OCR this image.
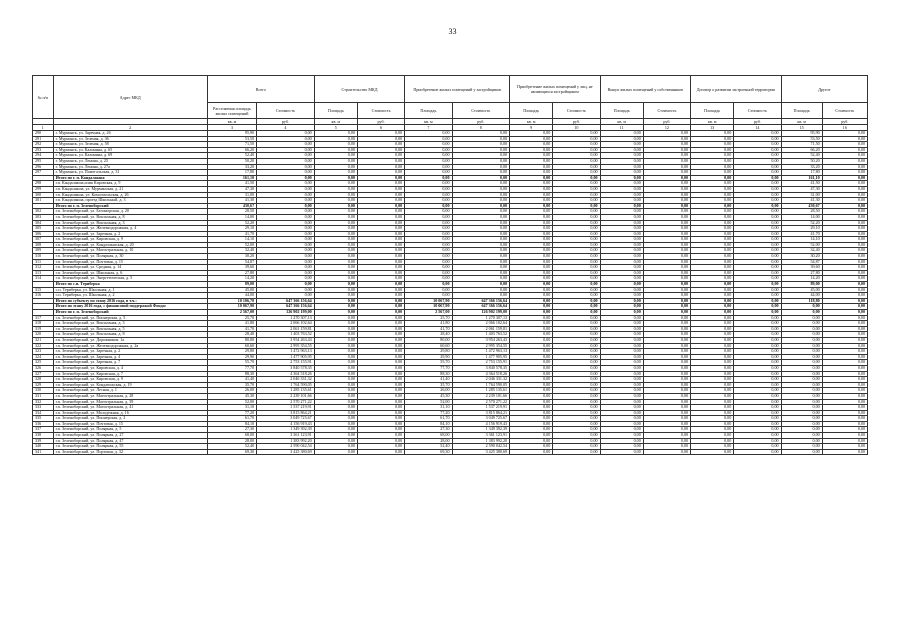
33
№ п/п	Адрес МКД	Всего		Строительство МКД		Приобретение жилых помещений у застройщиков		Приобретение жилых помещений у лиц, не являющихся застройщиком		Выкуп жилых помещений у собственников		Договор о развитии застроенной территории		Другое	
		Расселяемая площадь жилых помещений	Стоимость	Площадь	Стоимость	Площадь	Стоимость	Площадь	Стоимость	Площадь	Стоимость	Площадь	Стоимость	Площадь	Стоимость
		кв. м	руб.	кв. м	руб.	кв. м	руб.	кв. м	руб.	кв. м	руб.	кв. м	руб.	кв. м	руб.
1	2	3	4	5	6	7	8	9	10	11	12	13	14	15	16
290	г. Мурманск, ул. Заречная, д. 26	95,90	0,00	0,00	0,00	0,00	0,00	0,00	0,00	0,00	0,00	0,00	0,00	95,90	0,00
291	г. Мурманск, ул. Зеленая, д. 36	53,50	0,00	0,00	0,00	0,00	0,00	0,00	0,00	0,00	0,00	0,00	0,00	53,50	0,00
292	г. Мурманск, ул. Зеленая, д. 58	71,50	0,00	0,00	0,00	0,00	0,00	0,00	0,00	0,00	0,00	0,00	0,00	71,50	0,00
293	г. Мурманск, ул. Калинина, д. 65	66,20	0,00	0,00	0,00	0,00	0,00	0,00	0,00	0,00	0,00	0,00	0,00	66,20	0,00
294	г. Мурманск, ул. Калинина, д. 69	52,40	0,00	0,00	0,00	0,00	0,00	0,00	0,00	0,00	0,00	0,00	0,00	52,40	0,00
295	г. Мурманск, ул. Ленина, д. 25	50,20	0,00	0,00	0,00	0,00	0,00	0,00	0,00	0,00	0,00	0,00	0,00	50,20	0,00
296	г. Мурманск, ул. Ленина, д. 27а	33,20	0,00	0,00	0,00	0,00	0,00	0,00	0,00	0,00	0,00	0,00	0,00	33,20	0,00
297	г. Мурманск, ул. Пожегальская, д. 31	17,80	0,00	0,00	0,00	0,00	0,00	0,00	0,00	0,00	0,00	0,00	0,00	17,80	0,00
	Итого по г. п. Кандалакша	161,10	0,00	0,00	0,00	0,00	0,00	0,00	0,00	0,00	0,00	0,00	0,00	161,10	0,00
298	г.п. Кандалакша,илия Кировская, д. 9	41,50	0,00	0,00	0,00	0,00	0,00	0,00	0,00	0,00	0,00	0,00	0,00	41,50	0,00
299	г.п. Кандалакша, ул. Мурманская, д. 21	47,30	0,00	0,00	0,00	0,00	0,00	0,00	0,00	0,00	0,00	0,00	0,00	47,30	0,00
300	г.п. Кандалакша, ул. Комсомольская, д. 26	31,00	0,00	0,00	0,00	0,00	0,00	0,00	0,00	0,00	0,00	0,00	0,00	31,00	0,00
301	г.п. Кандалакша, проезд Школьный, д. 3	41,30	0,00	0,00	0,00	0,00	0,00	0,00	0,00	0,00	0,00	0,00	0,00	41,30	0,00
	Итого по г. п. Зеленоборский	430,67	0,00	0,00	0,00	0,00	0,00	0,00	0,00	0,00	0,00	0,00	0,00	430,67	0,00
302	г.п. Зеленоборский, ул. Беломорская, д. 20	28,50	0,00	0,00	0,00	0,00	0,00	0,00	0,00	0,00	0,00	0,00	0,00	28,50	0,00
303	г.п. Зеленоборский, ул. Вокзальная, д. 8	14,00	0,00	0,00	0,00	0,00	0,00	0,00	0,00	0,00	0,00	0,00	0,00	14,00	0,00
304	г.п. Зеленоборский, ул. Вокзальная, д. 3	52,20	0,00	0,00	0,00	0,00	0,00	0,00	0,00	0,00	0,00	0,00	0,00	52,20	0,00
305	г.п. Зеленоборский, ул. Железнодорожная, д. 4	29,10	0,00	0,00	0,00	0,00	0,00	0,00	0,00	0,00	0,00	0,00	0,00	29,10	0,00
306	г.п. Зеленоборский, ул. Заречная, д. 2	41,70	0,00	0,00	0,00	0,00	0,00	0,00	0,00	0,00	0,00	0,00	0,00	41,70	0,00
307	г.п. Зеленоборский, ул. Кировская, д. 9	14,10	0,00	0,00	0,00	0,00	0,00	0,00	0,00	0,00	0,00	0,00	0,00	14,10	0,00
308	г.п. Зеленоборский, ул. Кандалакшская, д. 20	52,00	0,00	0,00	0,00	0,00	0,00	0,00	0,00	0,00	0,00	0,00	0,00	52,00	0,00
309	г.п. Зеленоборский, ул. Магистральная, д. 10	32,40	0,00	0,00	0,00	0,00	0,00	0,00	0,00	0,00	0,00	0,00	0,00	32,40	0,00
310	г.п. Зеленоборский, ул. Полярная, д. 30	30,20	0,00	0,00	0,00	0,00	0,00	0,00	0,00	0,00	0,00	0,00	0,00	30,20	0,00
311	г.п. Зеленоборский, ул. Почтовая, д. 15	54,87	0,00	0,00	0,00	0,00	0,00	0,00	0,00	0,00	0,00	0,00	0,00	54,87	0,00
312	г.п. Зеленоборский, ул. Средняя, д. 14	39,60	0,00	0,00	0,00	0,00	0,00	0,00	0,00	0,00	0,00	0,00	0,00	39,60	0,00
313	г.п. Зеленоборский, ул. Школьная, д. 6	27,80	0,00	0,00	0,00	0,00	0,00	0,00	0,00	0,00	0,00	0,00	0,00	27,80	0,00
314	г.п. Зеленоборский, ул. Энергетическая, д. 5	14,20	0,00	0,00	0,00	0,00	0,00	0,00	0,00	0,00	0,00	0,00	0,00	14,20	0,00
	Итого по с.п. Териберка	89,00	0,00	0,00	0,00	0,00	0,00	0,00	0,00	0,00	0,00	0,00	0,00	89,00	0,00
315	с.п. Териберка, ул. Школьная, д. 1	45,00	0,00	0,00	0,00	0,00	0,00	0,00	0,00	0,00	0,00	0,00	0,00	45,00	0,00
316	с.п. Териберка, ул. Школьная, д. 2	44,00	0,00	0,00	0,00	0,00	0,00	0,00	0,00	0,00	0,00	0,00	0,00	44,00	0,00
	Итого по субъекту по этапу 2016 года, в т.ч.:	10 106,70	647 366 156,64	0,00	0,00	10 067,90	647 366 156,64	0,00	0,00	0,00	0,00	0,00	0,00	118,80	0,00
	Итого по этапу 2016 года, с финансовой поддержкой Фонда:	10 067,90	647 366 156,64	0,00	0,00	10 067,90	647 366 156,64	0,00	0,00	0,00	0,00	0,00	0,00	0,00	0,00
	Итого по г. п. Зеленоборский	2 567,00	126 902 199,00	0,00	0,00	2 567,00	126 902 199,00	0,00	0,00	0,00	0,00	0,00	0,00	0,00	0,00
317	г.п. Зеленоборский, ул. Пионерская, д. 5	25,70	1 270 307,13	0,00	0,00	25,70	1 270 307,13	0,00	0,00	0,00	0,00	0,00	0,00	0,00	0,00
318	г.п. Зеленоборский, ул. Вокзальная, д. 3	41,80	2 066 102,64	0,00	0,00	41,80	2 066 102,64	0,00	0,00	0,00	0,00	0,00	0,00	0,00	0,00
319	г.п. Зеленоборский, ул. Вокзальная, д. 5	41,70	2 061 159,81	0,00	0,00	41,70	2 061 159,81	0,00	0,00	0,00	0,00	0,00	0,00	0,00	0,00
320	г.п. Зеленоборский, ул. Вокзальная, д. 8	28,40	1 403 763,52	0,00	0,00	28,40	1 403 763,52	0,00	0,00	0,00	0,00	0,00	0,00	0,00	0,00
321	г.п. Зеленоборский, ул. Дорожников, 1а	80,00	3 954 263,43	0,00	0,00	80,00	3 954 263,43	0,00	0,00	0,00	0,00	0,00	0,00	0,00	0,00
322	г.п. Зеленоборский, ул. Железнодорожная, д. 2а	60,60	2 995 354,55	0,00	0,00	60,60	2 995 354,55	0,00	0,00	0,00	0,00	0,00	0,00	0,00	0,00
323	г.п. Зеленоборский, ул. Заречная, д. 2	29,80	1 472 963,13	0,00	0,00	29,80	1 472 963,13	0,00	0,00	0,00	0,00	0,00	0,00	0,00	0,00
324	г.п. Зеленоборский, ул. Заречная, д. 4	29,90	1 477 905,95	0,00	0,00	29,90	1 477 905,95	0,00	0,00	0,00	0,00	0,00	0,00	0,00	0,00
325	г.п. Зеленоборский, ул. Заречная, д. 7	55,70	2 753 155,91	0,00	0,00	55,70	2 753 155,91	0,00	0,00	0,00	0,00	0,00	0,00	0,00	0,00
326	г.п. Зеленоборский, ул. Кировская, д. 4	77,70	3 840 578,35	0,00	0,00	77,70	3 840 578,35	0,00	0,00	0,00	0,00	0,00	0,00	0,00	0,00
327	г.п. Зеленоборский, ул. Кировская, д. 7	88,30	4 364 518,26	0,00	0,00	88,30	4 364 518,26	0,00	0,00	0,00	0,00	0,00	0,00	0,00	0,00
328	г.п. Зеленоборский, ул. Кировская, д. 9	41,40	2 046 331,32	0,00	0,00	41,40	2 046 331,32	0,00	0,00	0,00	0,00	0,00	0,00	0,00	0,00
329	г.п. Зеленоборский, ул. Кондапожская, д. 19	35,70	1 764 590,05	0,00	0,00	35,70	1 764 590,05	0,00	0,00	0,00	0,00	0,00	0,00	0,00	0,00
330	г.п. Зеленоборский, ул. Лесная, д. 1	26,00	1 285 135,61	0,00	0,00	26,00	1 285 135,61	0,00	0,00	0,00	0,00	0,00	0,00	0,00	0,00
331	г.п. Зеленоборский, ул. Магистральная, д. 28	45,30	2 239 101,66	0,00	0,00	45,30	2 239 101,66	0,00	0,00	0,00	0,00	0,00	0,00	0,00	0,00
332	г.п. Зеленоборский, ул. Магистральная, д. 39	52,00	2 570 271,22	0,00	0,00	52,00	2 570 271,22	0,00	0,00	0,00	0,00	0,00	0,00	0,00	0,00
333	г.п. Зеленоборский, ул. Магистральная, д. 41	31,10	1 537 219,91	0,00	0,00	31,10	1 537 219,91	0,00	0,00	0,00	0,00	0,00	0,00	0,00	0,00
334	г.п. Зеленоборский, ул. Молодежная, д. 16	77,20	3 815 864,21	0,00	0,00	77,20	3 815 864,21	0,00	0,00	0,00	0,00	0,00	0,00	0,00	0,00
335	г.п. Зеленоборский, ул. Пионерская, д. 2	61,70	3 049 725,67	0,00	0,00	61,70	3 049 725,67	0,00	0,00	0,00	0,00	0,00	0,00	0,00	0,00
336	г.п. Зеленоборский, ул. Почтовая, д. 15	84,10	4 156 919,43	0,00	0,00	84,10	4 156 919,43	0,00	0,00	0,00	0,00	0,00	0,00	0,00	0,00
337	г.п. Зеленоборский, ул. Полярная, д. 5	27,30	1 349 392,39	0,00	0,00	27,30	1 349 392,39	0,00	0,00	0,00	0,00	0,00	0,00	0,00	0,00
338	г.п. Зеленоборский, ул. Полярная, д. 27	68,00	3 361 123,91	0,00	0,00	68,00	3 361 123,91	0,00	0,00	0,00	0,00	0,00	0,00	0,00	0,00
339	г.п. Зеленоборский, ул. Полярная, д. 47	28,00	1 383 992,20	0,00	0,00	28,00	1 383 992,20	0,00	0,00	0,00	0,00	0,00	0,00	0,00	0,00
340	г.п. Зеленоборский, ул. Полярная, д. 55	52,40	2 590 042,54	0,00	0,00	52,40	2 590 042,54	0,00	0,00	0,00	0,00	0,00	0,00	0,00	0,00
341	г.п. Зеленоборский, ул. Портовая, д. 32	69,30	3 425 380,69	0,00	0,00	69,30	3 425 380,69	0,00	0,00	0,00	0,00	0,00	0,00	0,00	0,00
